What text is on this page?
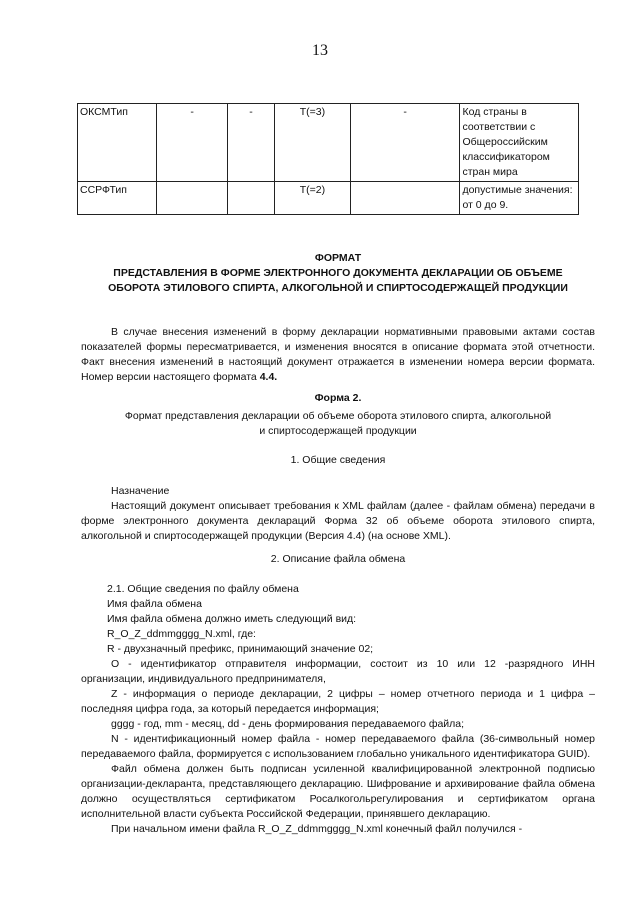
13
ОКСМТип	-	-	T(=3)	-	Код страны в соответствии с Общероссийским классификатором стран мира
ССРФТип			T(=2)		допустимые значения: от 0 до 9.

ФОРМАТ

ПРЕДСТАВЛЕНИЯ В ФОРМЕ ЭЛЕКТРОННОГО ДОКУМЕНТА ДЕКЛАРАЦИИ ОБ ОБЪЕМЕ ОБОРОТА ЭТИЛОВОГО СПИРТА, АЛКОГОЛЬНОЙ И СПИРТОСОДЕРЖАЩЕЙ ПРОДУКЦИИ

В случае внесения изменений в форму декларации нормативными правовыми актами состав показателей формы пересматривается, и изменения вносятся в описание формата этой отчетности. Факт внесения изменений в настоящий документ отражается в изменении номера версии формата. Номер версии настоящего формата 4.4.

Форма 2.

Формат представления декларации об объеме оборота этилового спирта, алкогольной и спиртосодержащей продукции

1. Общие сведения

Назначение

Настоящий документ описывает требования к XML файлам (далее - файлам обмена) передачи в форме электронного документа деклараций Форма 32 об объеме оборота этилового спирта, алкогольной и спиртосодержащей продукции (Версия 4.4) (на основе XML).

2. Описание файла обмена

2.1. Общие сведения по файлу обмена

Имя файла обмена

Имя файла обмена должно иметь следующий вид:

R_O_Z_ddmmgggg_N.xml, где:

R - двухзначный префикс, принимающий значение 02;

O - идентификатор отправителя информации, состоит из 10 или 12 -разрядного ИНН организации, индивидуального предпринимателя,

Z - информация о периоде декларации, 2 цифры – номер отчетного периода и 1 цифра – последняя цифра года, за который передается информация;

gggg - год, mm - месяц, dd - день формирования передаваемого файла;

N - идентификационный номер файла - номер передаваемого файла (36-символьный номер передаваемого файла, формируется с использованием глобально уникального идентификатора GUID).

Файл обмена должен быть подписан усиленной квалифицированной электронной подписью организации-декларанта, представляющего декларацию. Шифрование и архивирование файла обмена должно осуществляться сертификатом Росалкогольрегулирования и сертификатом органа исполнительной власти субъекта Российской Федерации, принявшего декларацию.

При начальном имени файла R_O_Z_ddmmgggg_N.xml конечный файл получился -
